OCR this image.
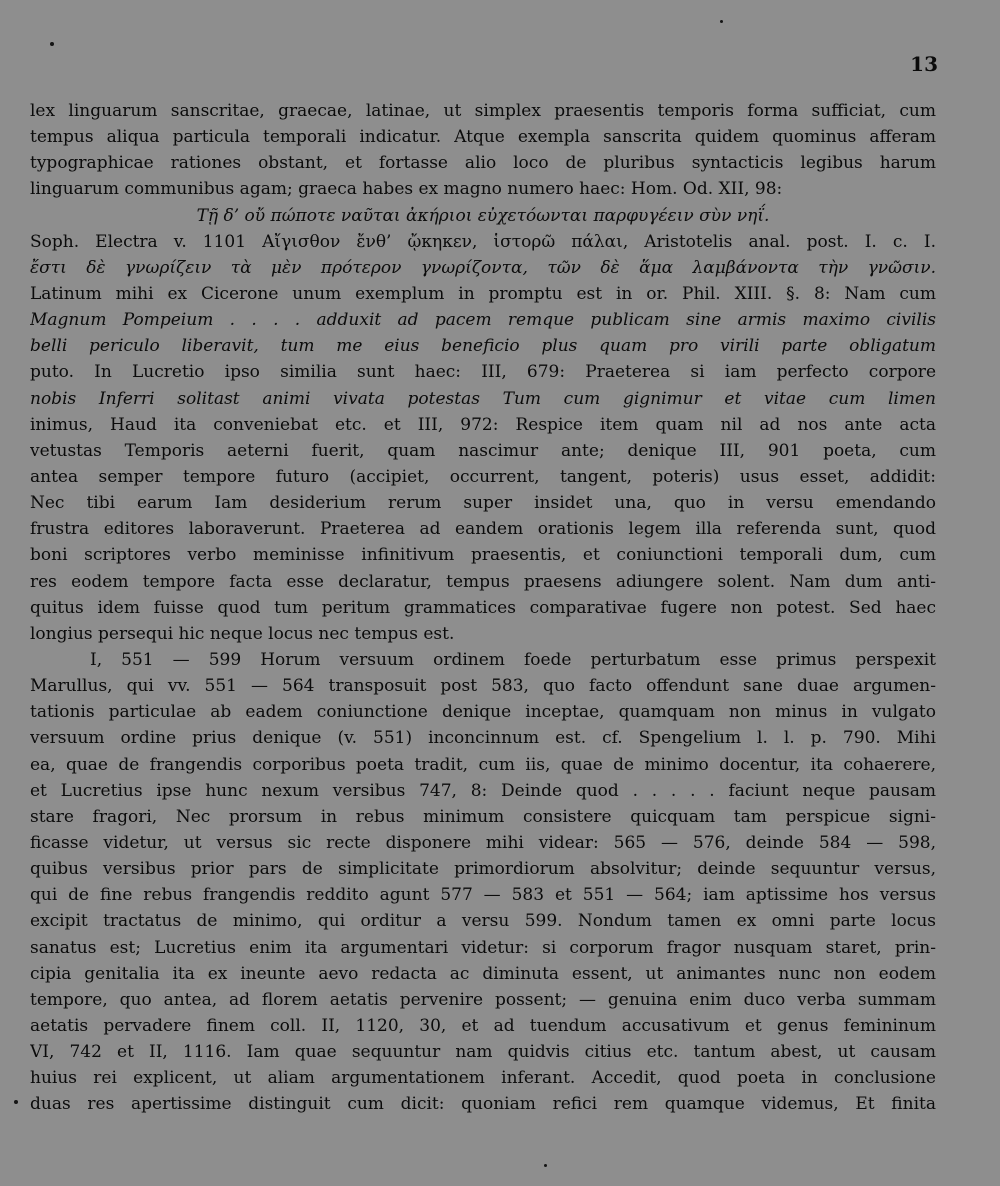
13
lex linguarum sanscritae, graecae, latinae, ut simplex praesentis temporis forma sufficiat, cum
tempus aliqua particula temporali indicatur. Atque exempla sanscrita quidem quominus afferam
typographicae rationes obstant, et fortasse alio loco de pluribus syntacticis legibus harum
linguarum communibus agam; graeca habes ex magno numero haec: Hom. Od. XII, 98:
Τῇ δ’ οὔ πώποτε ναῦται ἀκήριοι εὐχετόωνται παρφυγέειν σὺν νηΐ.
Soph. Electra v. 1101 Αἴγισθον ἔνθ’ ᾤκηκεν, ἱστορῶ πάλαι, Aristotelis anal. post. I. c. I.
ἔστι δὲ γνωρίζειν τὰ μὲν πρότερον γνωρίζοντα, τῶν δὲ ἅμα λαμβάνοντα τὴν γνῶσιν.
Latinum mihi ex Cicerone unum exemplum in promptu est in or. Phil. XIII. §. 8: Nam cum
Magnum Pompeium . . . . adduxit ad pacem remque publicam sine armis maximo civilis
belli periculo liberavit, tum me eius beneficio plus quam pro virili parte obligatum
puto. In Lucretio ipso similia sunt haec: III, 679: Praeterea si iam perfecto corpore
nobis Inferri solitast animi vivata potestas Tum cum gignimur et vitae cum limen
inimus, Haud ita conveniebat etc. et III, 972: Respice item quam nil ad nos ante acta
vetustas Temporis aeterni fuerit, quam nascimur ante; denique III, 901 poeta, cum
antea semper tempore futuro (accipiet, occurrent, tangent, poteris) usus esset, addidit:
Nec tibi earum Iam desiderium rerum super insidet una, quo in versu emendando
frustra editores laboraverunt. Praeterea ad eandem orationis legem illa referenda sunt, quod
boni scriptores verbo meminisse infinitivum praesentis, et coniunctioni temporali dum, cum
res eodem tempore facta esse declaratur, tempus praesens adiungere solent. Nam dum anti-
quitus idem fuisse quod tum peritum grammatices comparativae fugere non potest. Sed haec
longius persequi hic neque locus nec tempus est.
I, 551 — 599 Horum versuum ordinem foede perturbatum esse primus perspexit
Marullus, qui vv. 551 — 564 transposuit post 583, quo facto offendunt sane duae argumen-
tationis particulae ab eadem coniunctione denique inceptae, quamquam non minus in vulgato
versuum ordine prius denique (v. 551) inconcinnum est. cf. Spengelium l. l. p. 790. Mihi
ea, quae de frangendis corporibus poeta tradit, cum iis, quae de minimo docentur, ita cohaerere,
et Lucretius ipse hunc nexum versibus 747, 8: Deinde quod . . . . . faciunt neque pausam
stare fragori, Nec prorsum in rebus minimum consistere quicquam tam perspicue signi-
ficasse videtur, ut versus sic recte disponere mihi videar: 565 — 576, deinde 584 — 598,
quibus versibus prior pars de simplicitate primordiorum absolvitur; deinde sequuntur versus,
qui de fine rebus frangendis reddito agunt 577 — 583 et 551 — 564; iam aptissime hos versus
excipit tractatus de minimo, qui orditur a versu 599. Nondum tamen ex omni parte locus
sanatus est; Lucretius enim ita argumentari videtur: si corporum fragor nusquam staret, prin-
cipia genitalia ita ex ineunte aevo redacta ac diminuta essent, ut animantes nunc non eodem
tempore, quo antea, ad florem aetatis pervenire possent; — genuina enim duco verba summam
aetatis pervadere finem coll. II, 1120, 30, et ad tuendum accusativum et genus femininum
VI, 742 et II, 1116. Iam quae sequuntur nam quidvis citius etc. tantum abest, ut causam
huius rei explicent, ut aliam argumentationem inferant. Accedit, quod poeta in conclusione
duas res apertissime distinguit cum dicit: quoniam refici rem quamque videmus, Et finita
